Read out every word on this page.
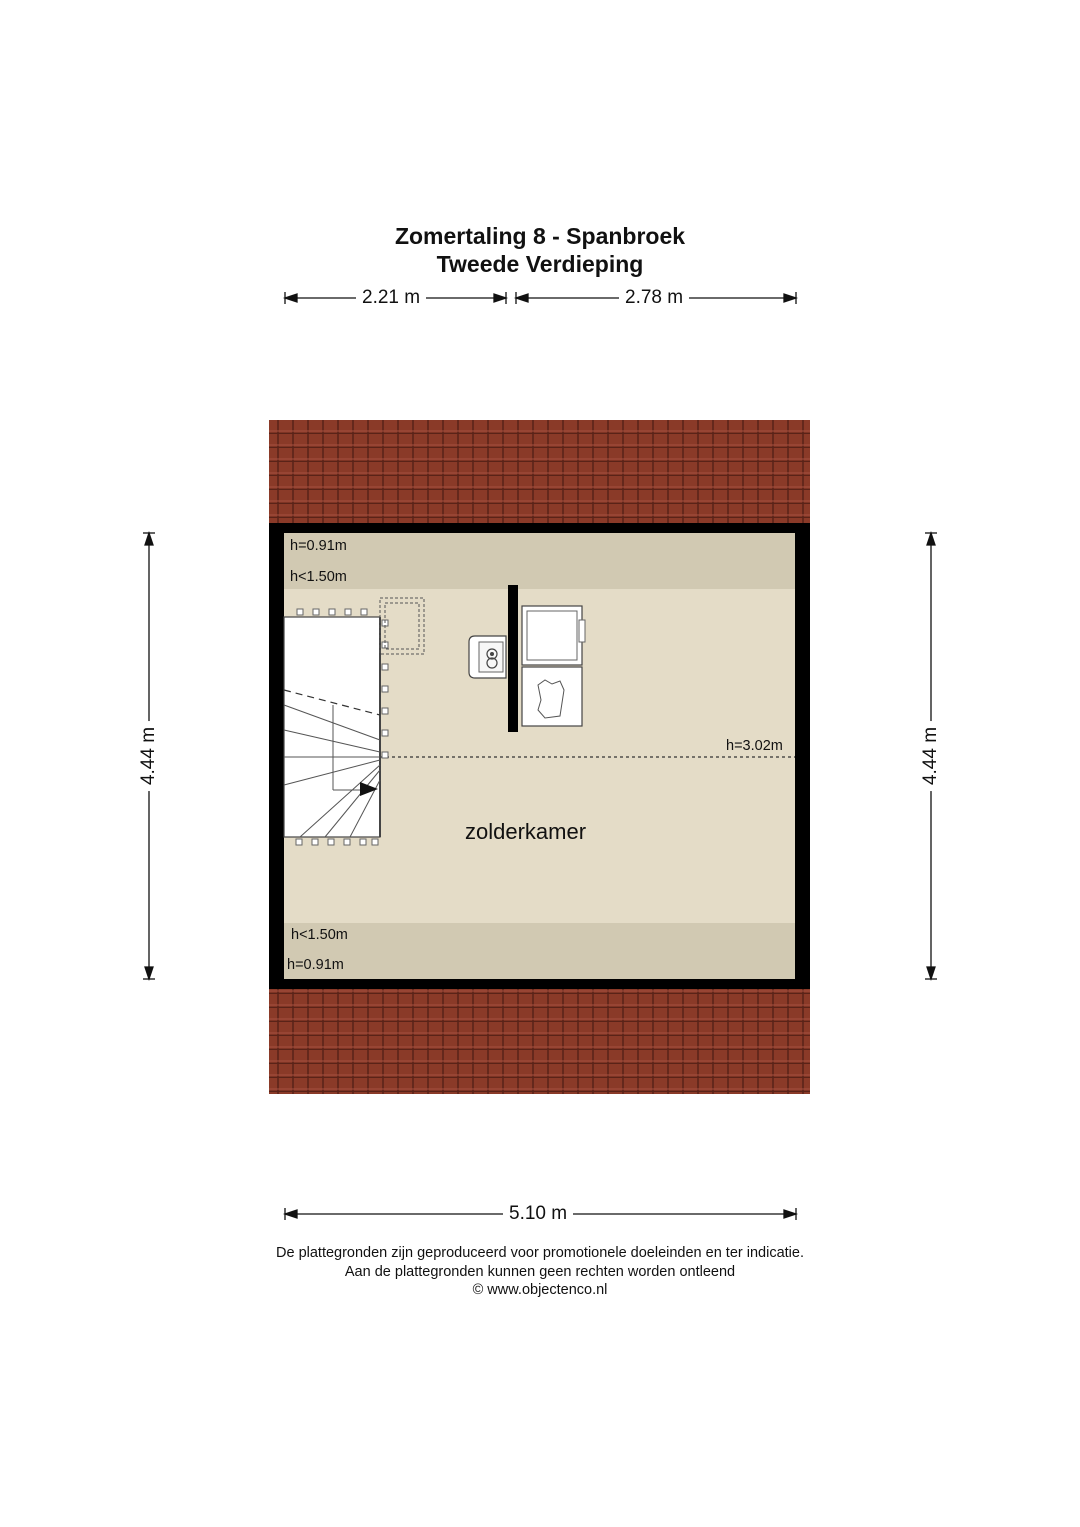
Zomertaling 8 - Spanbroek
Tweede Verdieping
2.21 m	2.78 m
5.10 m
4.44 m	4.44 m
h=0.91m
h<1.50m
h=3.02m
h<1.50m
h=0.91m
zolderkamer
De plattegronden zijn geproduceerd voor promotionele doeleinden en ter indicatie.
Aan de plattegronden kunnen geen rechten worden ontleend
© www.objectenco.nl
